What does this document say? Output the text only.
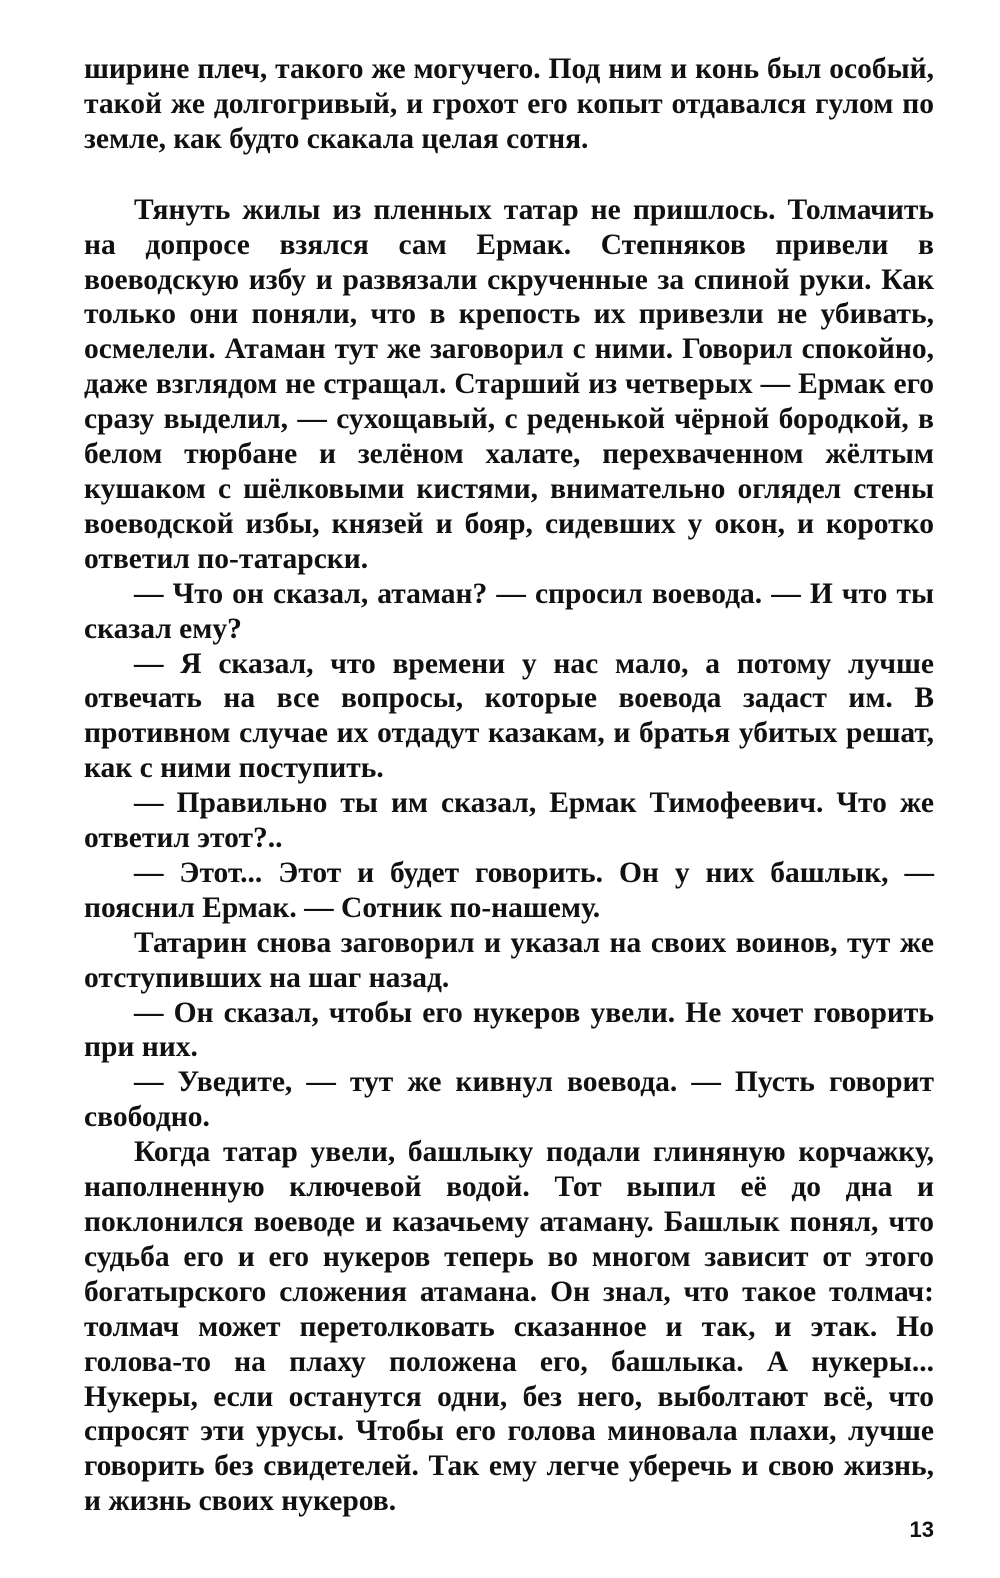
ширине плеч, такого же могучего. Под ним и конь был особый, такой же долгогривый, и грохот его копыт отдавался гулом по земле, как будто скакала целая сотня.

Тянуть жилы из пленных татар не пришлось. Толмачить на допросе взялся сам Ермак. Степняков привели в воеводскую избу и развязали скрученные за спиной руки. Как только они поняли, что в крепость их привезли не убивать, осмелели. Атаман тут же заговорил с ними. Говорил спокойно, даже взглядом не стращал. Старший из четверых — Ермак его сразу выделил, — сухощавый, с реденькой чёрной бородкой, в белом тюрбане и зелёном халате, перехваченном жёлтым кушаком с шёлковыми кистями, внимательно оглядел стены воеводской избы, князей и бояр, сидевших у окон, и коротко ответил по-татарски.

— Что он сказал, атаман? — спросил воевода. — И что ты сказал ему?

— Я сказал, что времени у нас мало, а потому лучше отвечать на все вопросы, которые воевода задаст им. В противном случае их отдадут казакам, и братья убитых решат, как с ними поступить.

— Правильно ты им сказал, Ермак Тимофеевич. Что же ответил этот?..

— Этот... Этот и будет говорить. Он у них башлык, — пояснил Ермак. — Сотник по-нашему.

Татарин снова заговорил и указал на своих воинов, тут же отступивших на шаг назад.

— Он сказал, чтобы его нукеров увели. Не хочет говорить при них.

— Уведите, — тут же кивнул воевода. — Пусть говорит свободно.

Когда татар увели, башлыку подали глиняную корчажку, наполненную ключевой водой. Тот выпил её до дна и поклонился воеводе и казачьему атаману. Башлык понял, что судьба его и его нукеров теперь во многом зависит от этого богатырского сложения атамана. Он знал, что такое толмач: толмач может перетолковать сказанное и так, и этак. Но голова-то на плаху положена его, башлыка. А нукеры... Нукеры, если останутся одни, без него, выболтают всё, что спросят эти урусы. Чтобы его голова миновала плахи, лучше говорить без свидетелей. Так ему легче уберечь и свою жизнь, и жизнь своих нукеров.

13
